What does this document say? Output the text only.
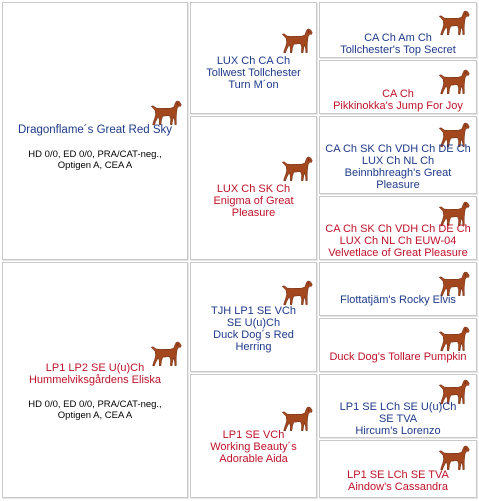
Dragonflame´s Great Red Sky
HD 0/0, ED 0/0, PRA/CAT-neg.,
Optigen A, CEA A
LP1 LP2 SE U(u)Ch
Hummelviksgårdens Eliska
HD 0/0, ED 0/0, PRA/CAT-neg.,
Optigen A, CEA A
LUX Ch CA Ch
Tollwest Tollchester
Turn M´on
LUX Ch SK Ch
Enigma of Great
Pleasure
TJH LP1 SE VCh
SE U(u)Ch
Duck Dog´s Red
Herring
LP1 SE VCh
Working Beauty´s
Adorable Aida
CA Ch Am Ch
Tollchester's Top Secret
CA Ch
Pikkinokka's Jump For Joy
CA Ch SK Ch VDH Ch DE Ch
LUX Ch NL Ch
Beinnbhreagh's Great
Pleasure
CA Ch SK Ch VDH Ch DE Ch
LUX Ch NL Ch EUW-04
Velvetlace of Great Pleasure
Flottatjäm's Rocky Elvis
Duck Dog's Tollare Pumpkin
LP1 SE LCh SE U(u)Ch
SE TVA
Hircum's Lorenzo
LP1 SE LCh SE TVA
Aindow's Cassandra
